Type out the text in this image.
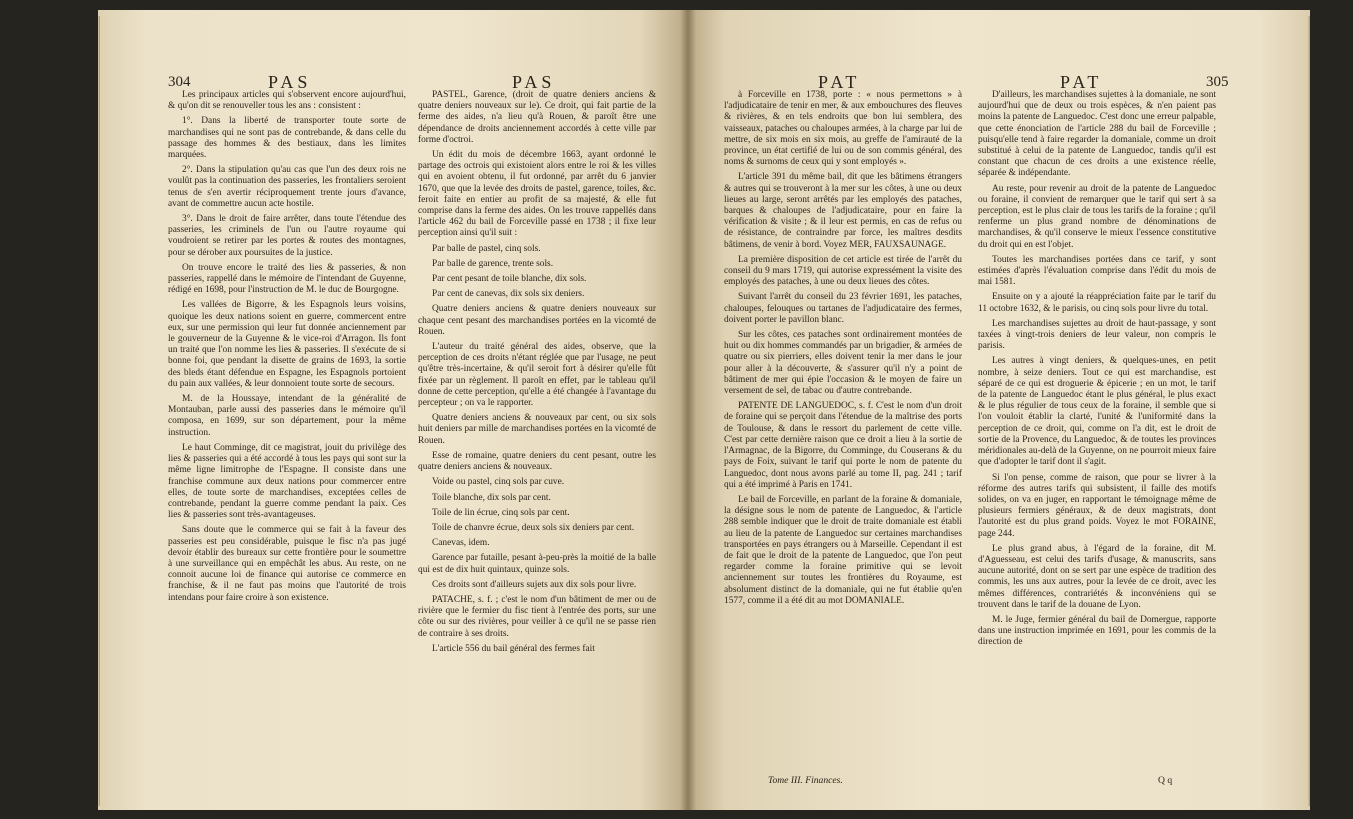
304	PAS	PAS

Les principaux articles qui s'observent encore aujourd'hui, & qu'on dit se renouveller tous les ans : consistent :

1°. Dans la liberté de transporter toute sorte de marchandises qui ne sont pas de contrebande, & dans celle du passage des hommes & des bestiaux, dans les limites marquées.

2°. Dans la stipulation qu'au cas que l'un des deux rois ne voulût pas la continuation des passeries, les frontaliers seroient tenus de s'en avertir réciproquement trente jours d'avance, avant de commettre aucun acte hostile.

3°. Dans le droit de faire arrêter, dans toute l'étendue des passeries, les criminels de l'un ou l'autre royaume qui voudroient se retirer par les portes & routes des montagnes, pour se dérober aux poursuites de la justice.

On trouve encore le traité des lies & passeries, & non passeries, rappellé dans le mémoire de l'intendant de Guyenne, rédigé en 1698, pour l'instruction de M. le duc de Bourgogne.

Les vallées de Bigorre, & les Espagnols leurs voisins, quoique les deux nations soient en guerre, commercent entre eux, sur une permission qui leur fut donnée anciennement par le gouverneur de la Guyenne & le vice-roi d'Arragon. Ils font un traité que l'on nomme les lies & passeries. Il s'exécute de si bonne foi, que pendant la disette de grains de 1693, la sortie des bleds étant défendue en Espagne, les Espagnols portoient du pain aux vallées, & leur donnoient toute sorte de secours.

M. de la Houssaye, intendant de la généralité de Montauban, parle aussi des passeries dans le mémoire qu'il composa, en 1699, sur son département, pour la même instruction.

Le haut Comminge, dit ce magistrat, jouit du privilège des lies & passeries qui a été accordé à tous les pays qui sont sur la même ligne limitrophe de l'Espagne. Il consiste dans une franchise commune aux deux nations pour commercer entre elles, de toute sorte de marchandises, exceptées celles de contrebande, pendant la guerre comme pendant la paix. Ces lies & passeries sont très-avantageuses.

Sans doute que le commerce qui se fait à la faveur des passeries est peu considérable, puisque le fisc n'a pas jugé devoir établir des bureaux sur cette frontière pour le soumettre à une surveillance qui en empêchât les abus. Au reste, on ne connoit aucune loi de finance qui autorise ce commerce en franchise, & il ne faut pas moins que l'autorité de trois intendans pour faire croire à son existence.

PASTEL, Garence, (droit de quatre deniers anciens & quatre deniers nouveaux sur le). Ce droit, qui fait partie de la ferme des aides, n'a lieu qu'à Rouen, & paroît être une dépendance de droits anciennement accordés à cette ville par forme d'octroi.

Un édit du mois de décembre 1663, ayant ordonné le partage des octrois qui existoient alors entre le roi & les villes qui en avoient obtenu, il fut ordonné, par arrêt du 6 janvier 1670, que que la levée des droits de pastel, garence, toiles, &c. feroit faite en entier au profit de sa majesté, & elle fut comprise dans la ferme des aides. On les trouve rappellés dans l'article 462 du bail de Forceville passé en 1738 ; il fixe leur perception ainsi qu'il suit :

Par balle de pastel, cinq sols.

Par balle de garence, trente sols.

Par cent pesant de toile blanche, dix sols.

Par cent de canevas, dix sols six deniers.

Quatre deniers anciens & quatre deniers nouveaux sur chaque cent pesant des marchandises portées en la vicomté de Rouen.

L'auteur du traité général des aides, observe, que la perception de ces droits n'étant réglée que par l'usage, ne peut qu'être très-incertaine, & qu'il seroit fort à désirer qu'elle fût fixée par un règlement. Il paroît en effet, par le tableau qu'il donne de cette perception, qu'elle a été changée à l'avantage du percepteur ; on va le rapporter.

Quatre deniers anciens & nouveaux par cent, ou six sols huit deniers par mille de marchandises portées en la vicomté de Rouen.

Esse de romaine, quatre deniers du cent pesant, outre les quatre deniers anciens & nouveaux.

Voide ou pastel, cinq sols par cuve.

Toile blanche, dix sols par cent.

Toile de lin écrue, cinq sols par cent.

Toile de chanvre écrue, deux sols six deniers par cent.

Canevas, idem.

Garence par futaille, pesant à-peu-près la moitié de la balle qui est de dix huit quintaux, quinze sols.

Ces droits sont d'ailleurs sujets aux dix sols pour livre.

PATACHE, s. f. ; c'est le nom d'un bâtiment de mer ou de rivière que le fermier du fisc tient à l'entrée des ports, sur une côte ou sur des rivières, pour veiller à ce qu'il ne se passe rien de contraire à ses droits.

L'article 556 du bail général des fermes fait

PAT	PAT	305

à Forceville en 1738, porte : « nous permettons » à l'adjudicataire de tenir en mer, & aux embouchures des fleuves & rivières, & en tels endroits que bon lui semblera, des vaisseaux, pataches ou chaloupes armées, à la charge par lui de mettre, de six mois en six mois, au greffe de l'amirauté de la province, un état certifié de lui ou de son commis général, des noms & surnoms de ceux qui y sont employés ».

L'article 391 du même bail, dit que les bâtimens étrangers & autres qui se trouveront à la mer sur les côtes, à une ou deux lieues au large, seront arrêtés par les employés des pataches, barques & chaloupes de l'adjudicataire, pour en faire la vérification & visite ; & il leur est permis, en cas de refus ou de résistance, de contraindre par force, les maîtres desdits bâtimens, de venir à bord. Voyez MER, FAUXSAUNAGE.

La première disposition de cet article est tirée de l'arrêt du conseil du 9 mars 1719, qui autorise expressément la visite des employés des pataches, à une ou deux lieues des côtes.

Suivant l'arrêt du conseil du 23 février 1691, les pataches, chaloupes, felouques ou tartanes de l'adjudicataire des fermes, doivent porter le pavillon blanc.

Sur les côtes, ces pataches sont ordinairement montées de huit ou dix hommes commandés par un brigadier, & armées de quatre ou six pierriers, elles doivent tenir la mer dans le jour pour aller à la découverte, & s'assurer qu'il n'y a point de bâtiment de mer qui épie l'occasion & le moyen de faire un versement de sel, de tabac ou d'autre contrebande.

PATENTE DE LANGUEDOC, s. f. C'est le nom d'un droit de foraine qui se perçoit dans l'étendue de la maîtrise des ports de Toulouse, & dans le ressort du parlement de cette ville. C'est par cette dernière raison que ce droit a lieu à la sortie de l'Armagnac, de la Bigorre, du Comminge, du Couserans & du pays de Foix, suivant le tarif qui porte le nom de patente du Languedoc, dont nous avons parlé au tome II, pag. 241 ; tarif qui a été imprimé à Paris en 1741.

Le bail de Forceville, en parlant de la foraine & domaniale, la désigne sous le nom de patente de Languedoc, & l'article 288 semble indiquer que le droit de traite domaniale est établi au lieu de la patente de Languedoc sur certaines marchandises transportées en pays étrangers ou à Marseille. Cependant il est de fait que le droit de la patente de Languedoc, que l'on peut regarder comme la foraine primitive qui se levoit anciennement sur toutes les frontières du Royaume, est absolument distinct de la domaniale, qui ne fut établie qu'en 1577, comme il a été dit au mot DOMANIALE.

D'ailleurs, les marchandises sujettes à la domaniale, ne sont aujourd'hui que de deux ou trois espèces, & n'en paient pas moins la patente de Languedoc. C'est donc une erreur palpable, que cette énonciation de l'article 288 du bail de Forceville ; puisqu'elle tend à faire regarder la domaniale, comme un droit substitué à celui de la patente de Languedoc, tandis qu'il est constant que chacun de ces droits a une existence réelle, séparée & indépendante.

Au reste, pour revenir au droit de la patente de Languedoc ou foraine, il convient de remarquer que le tarif qui sert à sa perception, est le plus clair de tous les tarifs de la foraine ; qu'il renferme un plus grand nombre de dénominations de marchandises, & qu'il conserve le mieux l'essence constitutive du droit qui en est l'objet.

Toutes les marchandises portées dans ce tarif, y sont estimées d'après l'évaluation comprise dans l'édit du mois de mai 1581.

Ensuite on y a ajouté la réappréciation faite par le tarif du 11 octobre 1632, & le parisis, ou cinq sols pour livre du total.

Les marchandises sujettes au droit de haut-passage, y sont taxées à vingt-trois deniers de leur valeur, non compris le parisis.

Les autres à vingt deniers, & quelques-unes, en petit nombre, à seize deniers. Tout ce qui est marchandise, est séparé de ce qui est droguerie & épicerie ; en un mot, le tarif de la patente de Languedoc étant le plus général, le plus exact & le plus régulier de tous ceux de la foraine, il semble que si l'on vouloit établir la clarté, l'unité & l'uniformité dans la perception de ce droit, qui, comme on l'a dit, est le droit de sortie de la Provence, du Languedoc, & de toutes les provinces méridionales au-delà de la Guyenne, on ne pourroit mieux faire que d'adopter le tarif dont il s'agit.

Si l'on pense, comme de raison, que pour se livrer à la réforme des autres tarifs qui subsistent, il faille des motifs solides, on va en juger, en rapportant le témoignage même de plusieurs fermiers généraux, & de deux magistrats, dont l'autorité est du plus grand poids. Voyez le mot FORAINE, page 244.

Le plus grand abus, à l'égard de la foraine, dit M. d'Aguesseau, est celui des tarifs d'usage, & manuscrits, sans aucune autorité, dont on se sert par une espèce de tradition des commis, les uns aux autres, pour la levée de ce droit, avec les mêmes différences, contrariétés & inconvéniens qui se trouvent dans le tarif de la douane de Lyon.

M. le Juge, fermier général du bail de Domergue, rapporte dans une instruction imprimée en 1691, pour les commis de la direction de

Tome III. Finances.	Q q
